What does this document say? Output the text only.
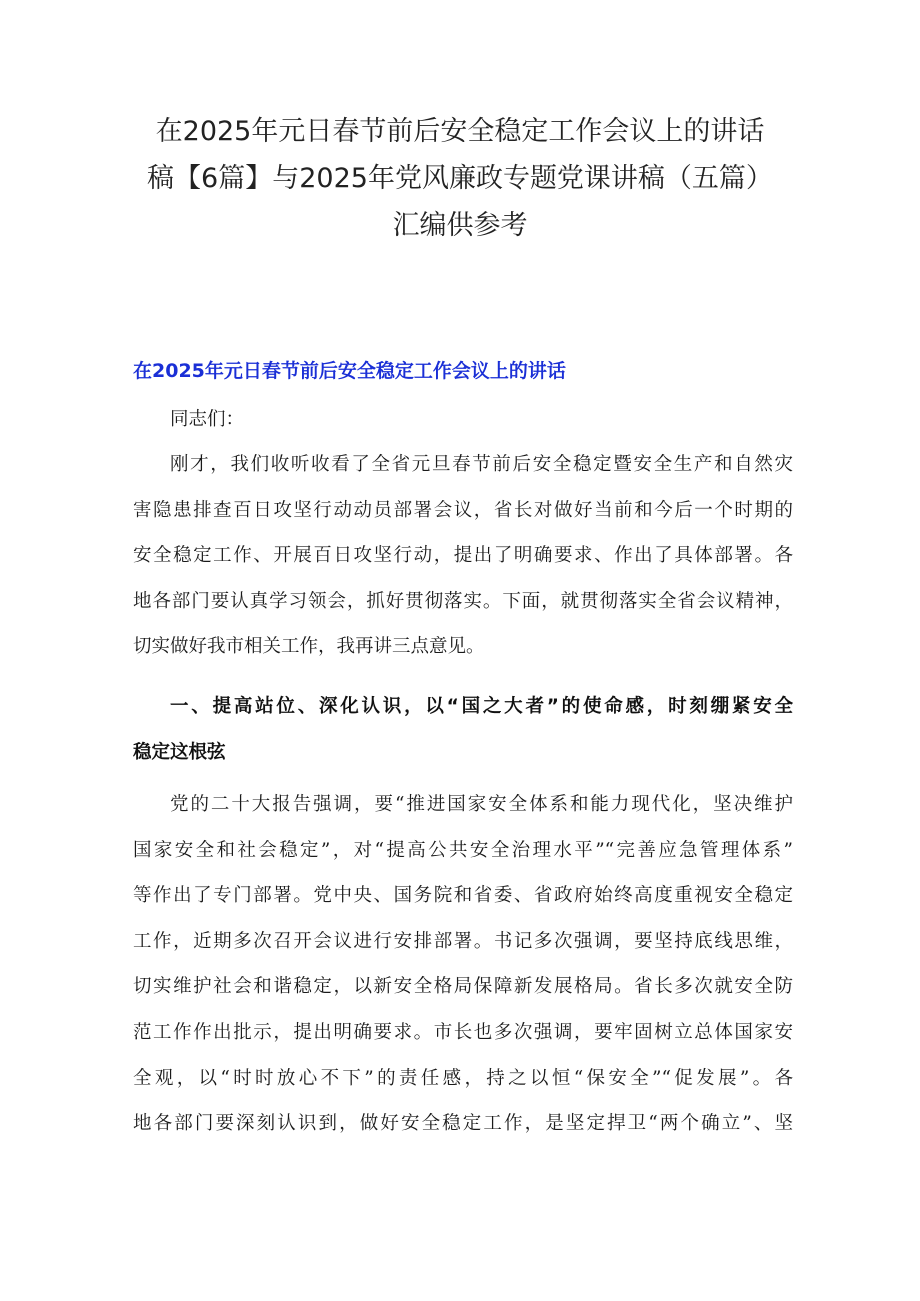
在2025年元日春节前后安全稳定工作会议上的讲话
稿【6篇】与2025年党风廉政专题党课讲稿（五篇）
汇编供参考
在2025年元日春节前后安全稳定工作会议上的讲话
同志们：
刚才，我们收听收看了全省元旦春节前后安全稳定暨安全生产和自然灾
害隐患排查百日攻坚行动动员部署会议，省长对做好当前和今后一个时期的
安全稳定工作、开展百日攻坚行动，提出了明确要求、作出了具体部署。各
地各部门要认真学习领会，抓好贯彻落实。下面，就贯彻落实全省会议精神，
切实做好我市相关工作，我再讲三点意见。
一、提高站位、深化认识，以“国之大者”的使命感，时刻绷紧安全
稳定这根弦
党的二十大报告强调，要“推进国家安全体系和能力现代化，坚决维护
国家安全和社会稳定”，对“提高公共安全治理水平”“完善应急管理体系”
等作出了专门部署。党中央、国务院和省委、省政府始终高度重视安全稳定
工作，近期多次召开会议进行安排部署。书记多次强调，要坚持底线思维，
切实维护社会和谐稳定，以新安全格局保障新发展格局。省长多次就安全防
范工作作出批示，提出明确要求。市长也多次强调，要牢固树立总体国家安
全观，以“时时放心不下”的责任感，持之以恒“保安全”“促发展”。各
地各部门要深刻认识到，做好安全稳定工作，是坚定捍卫“两个确立”、坚
